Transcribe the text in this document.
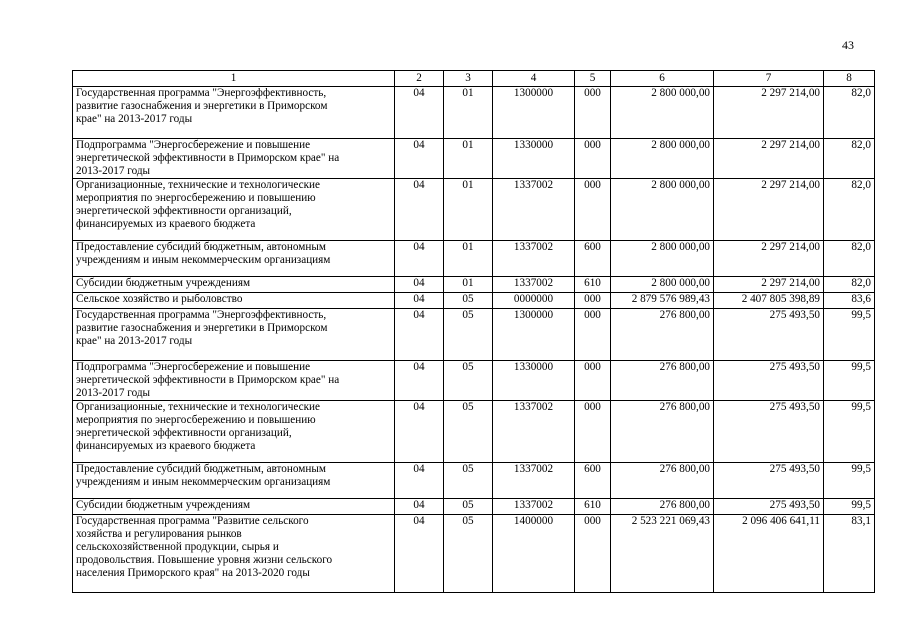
43
1	2	3	4	5	6	7	8

Государственная программа "Энергоэффективность,
развитие газоснабжения и энергетики в Приморском
крае" на 2013-2017 годы	04	01	1300000	000	2 800 000,00	2 297 214,00	82,0

Подпрограмма "Энергосбережение и повышение
энергетической эффективности в Приморском крае" на
2013-2017 годы	04	01	1330000	000	2 800 000,00	2 297 214,00	82,0

Организационные, технические и технологические
мероприятия по энергосбережению и повышению
энергетической эффективности организаций,
финансируемых из краевого бюджета	04	01	1337002	000	2 800 000,00	2 297 214,00	82,0

Предоставление субсидий бюджетным, автономным
учреждениям и иным некоммерческим организациям	04	01	1337002	600	2 800 000,00	2 297 214,00	82,0

Субсидии бюджетным учреждениям	04	01	1337002	610	2 800 000,00	2 297 214,00	82,0

Сельское хозяйство и рыболовство	04	05	0000000	000	2 879 576 989,43	2 407 805 398,89	83,6

Государственная программа "Энергоэффективность,
развитие газоснабжения и энергетики в Приморском
крае" на 2013-2017 годы	04	05	1300000	000	276 800,00	275 493,50	99,5

Подпрограмма "Энергосбережение и повышение
энергетической эффективности в Приморском крае" на
2013-2017 годы	04	05	1330000	000	276 800,00	275 493,50	99,5

Организационные, технические и технологические
мероприятия по энергосбережению и повышению
энергетической эффективности организаций,
финансируемых из краевого бюджета	04	05	1337002	000	276 800,00	275 493,50	99,5

Предоставление субсидий бюджетным, автономным
учреждениям и иным некоммерческим организациям	04	05	1337002	600	276 800,00	275 493,50	99,5

Субсидии бюджетным учреждениям	04	05	1337002	610	276 800,00	275 493,50	99,5

Государственная программа "Развитие сельского
хозяйства и регулирования рынков
сельскохозяйственной продукции, сырья и
продовольствия. Повышение уровня жизни сельского
населения Приморского края" на 2013-2020 годы	04	05	1400000	000	2 523 221 069,43	2 096 406 641,11	83,1
